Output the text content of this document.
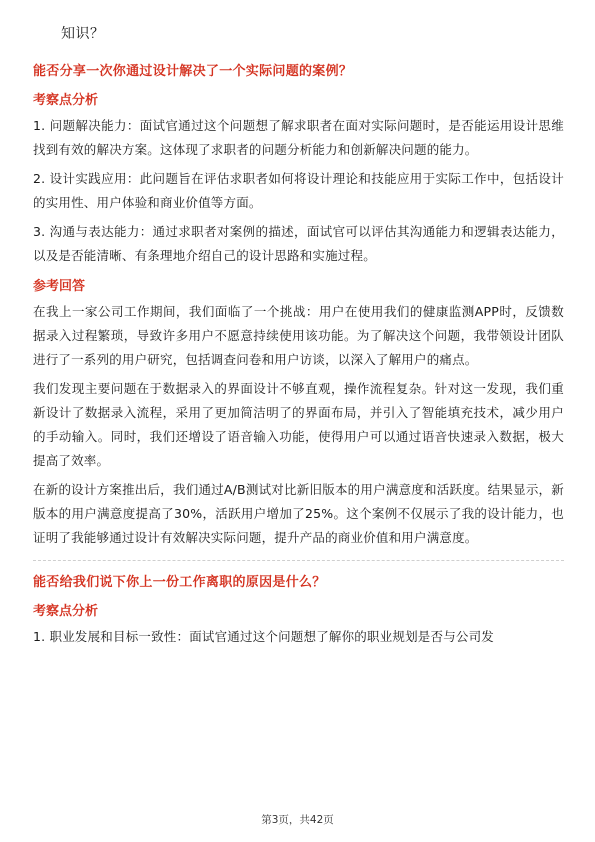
知识？
能否分享一次你通过设计解决了一个实际问题的案例？
考察点分析

1. 问题解决能力：面试官通过这个问题想了解求职者在面对实际问题时，是否能运用设计思维找到有效的解决方案。这体现了求职者的问题分析能力和创新解决问题的能力。

2. 设计实践应用：此问题旨在评估求职者如何将设计理论和技能应用于实际工作中，包括设计的实用性、用户体验和商业价值等方面。

3. 沟通与表达能力：通过求职者对案例的描述，面试官可以评估其沟通能力和逻辑表达能力，以及是否能清晰、有条理地介绍自己的设计思路和实施过程。

参考回答

在我上一家公司工作期间，我们面临了一个挑战：用户在使用我们的健康监测APP时，反馈数据录入过程繁琐，导致许多用户不愿意持续使用该功能。为了解决这个问题，我带领设计团队进行了一系列的用户研究，包括调查问卷和用户访谈，以深入了解用户的痛点。

我们发现主要问题在于数据录入的界面设计不够直观，操作流程复杂。针对这一发现，我们重新设计了数据录入流程，采用了更加简洁明了的界面布局，并引入了智能填充技术，减少用户的手动输入。同时，我们还增设了语音输入功能，使得用户可以通过语音快速录入数据，极大提高了效率。

在新的设计方案推出后，我们通过A/B测试对比新旧版本的用户满意度和活跃度。结果显示，新版本的用户满意度提高了30%，活跃用户增加了25%。这个案例不仅展示了我的设计能力，也证明了我能够通过设计有效解决实际问题，提升产品的商业价值和用户满意度。

能否给我们说下你上一份工作离职的原因是什么？
考察点分析

1. 职业发展和目标一致性：面试官通过这个问题想了解你的职业规划是否与公司发

第3页，共42页
